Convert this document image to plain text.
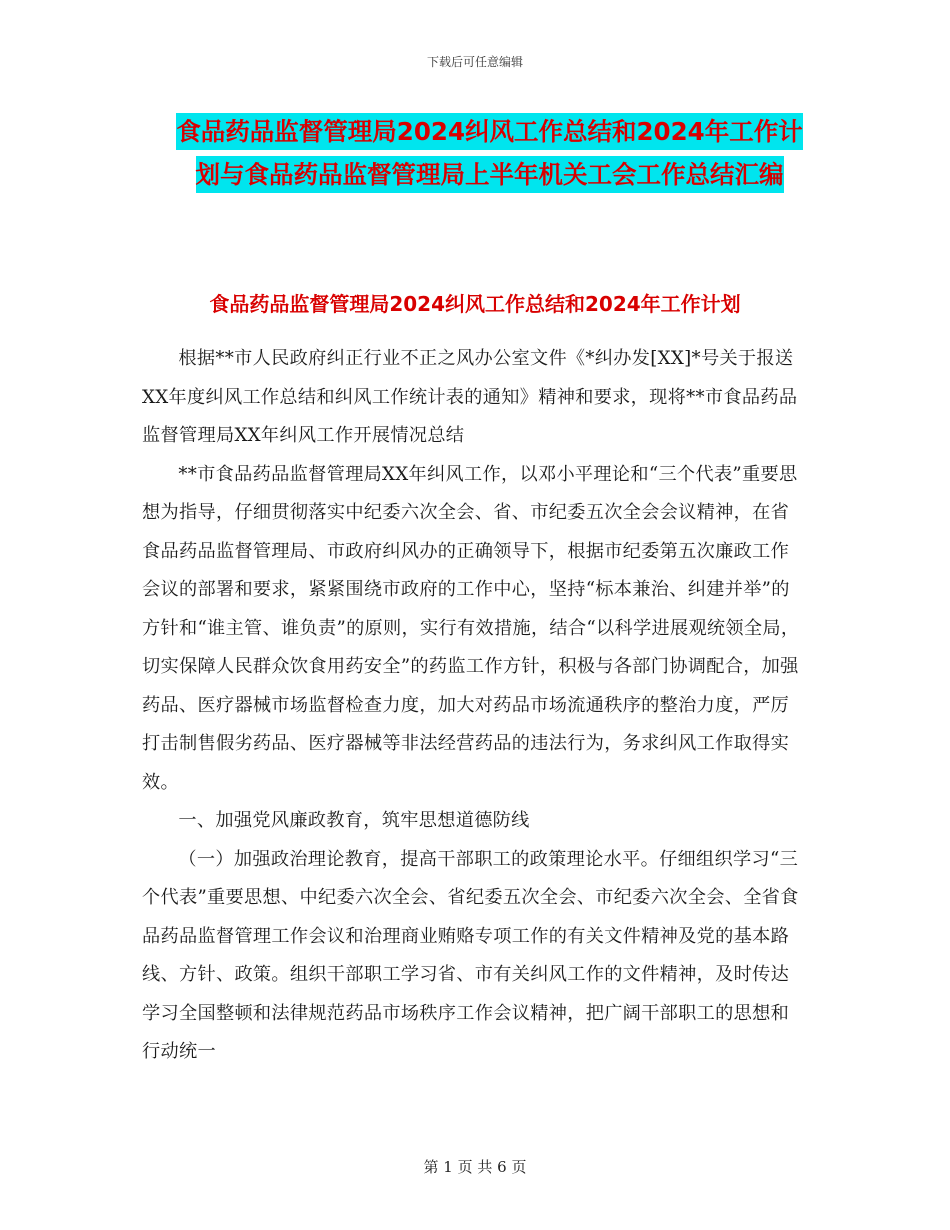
下载后可任意编辑
食品药品监督管理局2024纠风工作总结和2024年工作计划与食品药品监督管理局上半年机关工会工作总结汇编
食品药品监督管理局2024纠风工作总结和2024年工作计划

根据**市人民政府纠正行业不正之风办公室文件《*纠办发[XX]*号关于报送XX年度纠风工作总结和纠风工作统计表的通知》精神和要求，现将**市食品药品监督管理局XX年纠风工作开展情况总结

**市食品药品监督管理局XX年纠风工作，以邓小平理论和“三个代表”重要思想为指导，仔细贯彻落实中纪委六次全会、省、市纪委五次全会会议精神，在省食品药品监督管理局、市政府纠风办的正确领导下，根据市纪委第五次廉政工作会议的部署和要求，紧紧围绕市政府的工作中心，坚持“标本兼治、纠建并举”的方针和“谁主管、谁负责”的原则，实行有效措施，结合“以科学进展观统领全局，切实保障人民群众饮食用药安全”的药监工作方针，积极与各部门协调配合，加强药品、医疗器械市场监督检查力度，加大对药品市场流通秩序的整治力度，严厉打击制售假劣药品、医疗器械等非法经营药品的违法行为，务求纠风工作取得实效。

一、加强党风廉政教育，筑牢思想道德防线

（一）加强政治理论教育，提高干部职工的政策理论水平。仔细组织学习“三个代表”重要思想、中纪委六次全会、省纪委五次全会、市纪委六次全会、全省食品药品监督管理工作会议和治理商业贿赂专项工作的有关文件精神及党的基本路线、方针、政策。组织干部职工学习省、市有关纠风工作的文件精神，及时传达学习全国整顿和法律规范药品市场秩序工作会议精神，把广阔干部职工的思想和行动统一

第 1 页 共 6 页
